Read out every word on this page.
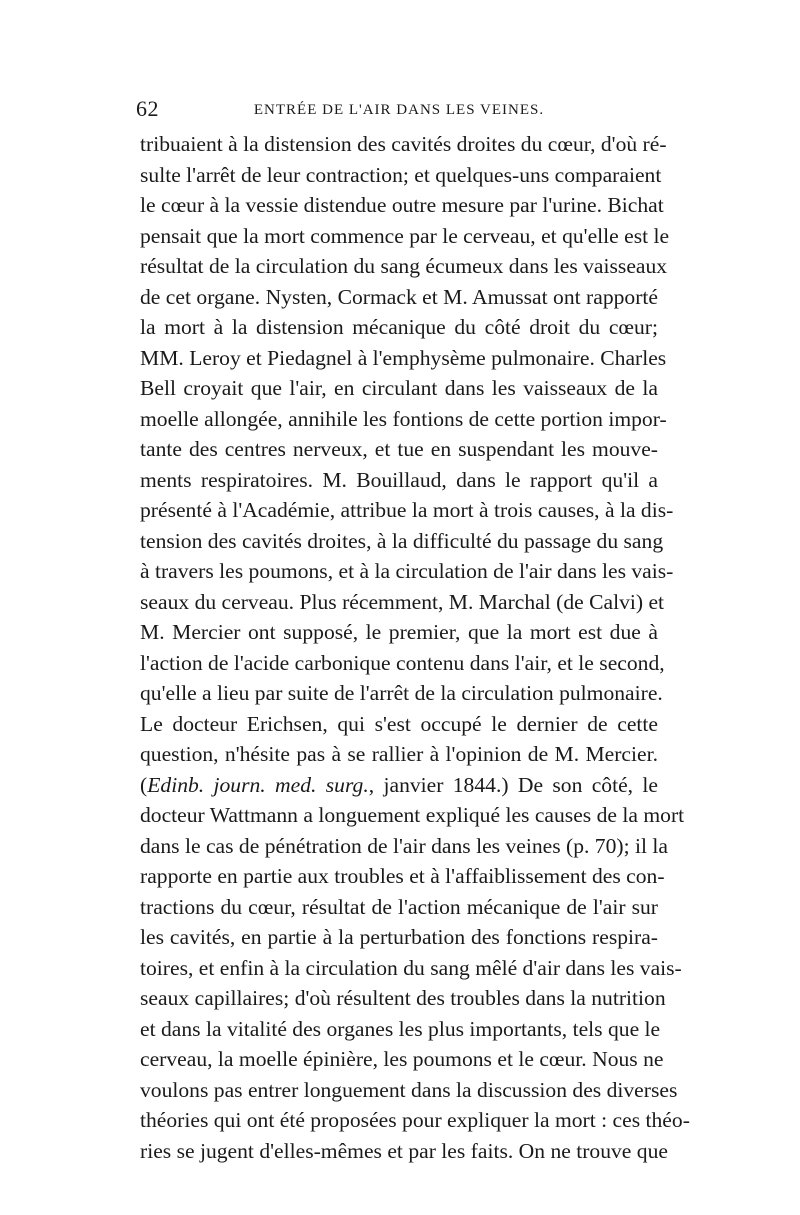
62	ENTRÉE DE L'AIR DANS LES VEINES.
tribuaient à la distension des cavités droites du cœur, d'où ré-
sulte l'arrêt de leur contraction; et quelques-uns comparaient
le cœur à la vessie distendue outre mesure par l'urine. Bichat
pensait que la mort commence par le cerveau, et qu'elle est le
résultat de la circulation du sang écumeux dans les vaisseaux
de cet organe. Nysten, Cormack et M. Amussat ont rapporté
la mort à la distension mécanique du côté droit du cœur;
MM. Leroy et Piedagnel à l'emphysème pulmonaire. Charles
Bell croyait que l'air, en circulant dans les vaisseaux de la
moelle allongée, annihile les fontions de cette portion impor-
tante des centres nerveux, et tue en suspendant les mouve-
ments respiratoires. M. Bouillaud, dans le rapport qu'il a
présenté à l'Académie, attribue la mort à trois causes, à la dis-
tension des cavités droites, à la difficulté du passage du sang
à travers les poumons, et à la circulation de l'air dans les vais-
seaux du cerveau. Plus récemment, M. Marchal (de Calvi) et
M. Mercier ont supposé, le premier, que la mort est due à
l'action de l'acide carbonique contenu dans l'air, et le second,
qu'elle a lieu par suite de l'arrêt de la circulation pulmonaire.
Le docteur Erichsen, qui s'est occupé le dernier de cette
question, n'hésite pas à se rallier à l'opinion de M. Mercier.
(Edinb. journ. med. surg., janvier 1844.) De son côté, le
docteur Wattmann a longuement expliqué les causes de la mort
dans le cas de pénétration de l'air dans les veines (p. 70); il la
rapporte en partie aux troubles et à l'affaiblissement des con-
tractions du cœur, résultat de l'action mécanique de l'air sur
les cavités, en partie à la perturbation des fonctions respira-
toires, et enfin à la circulation du sang mêlé d'air dans les vais-
seaux capillaires; d'où résultent des troubles dans la nutrition
et dans la vitalité des organes les plus importants, tels que le
cerveau, la moelle épinière, les poumons et le cœur. Nous ne
voulons pas entrer longuement dans la discussion des diverses
théories qui ont été proposées pour expliquer la mort : ces théo-
ries se jugent d'elles-mêmes et par les faits. On ne trouve que
